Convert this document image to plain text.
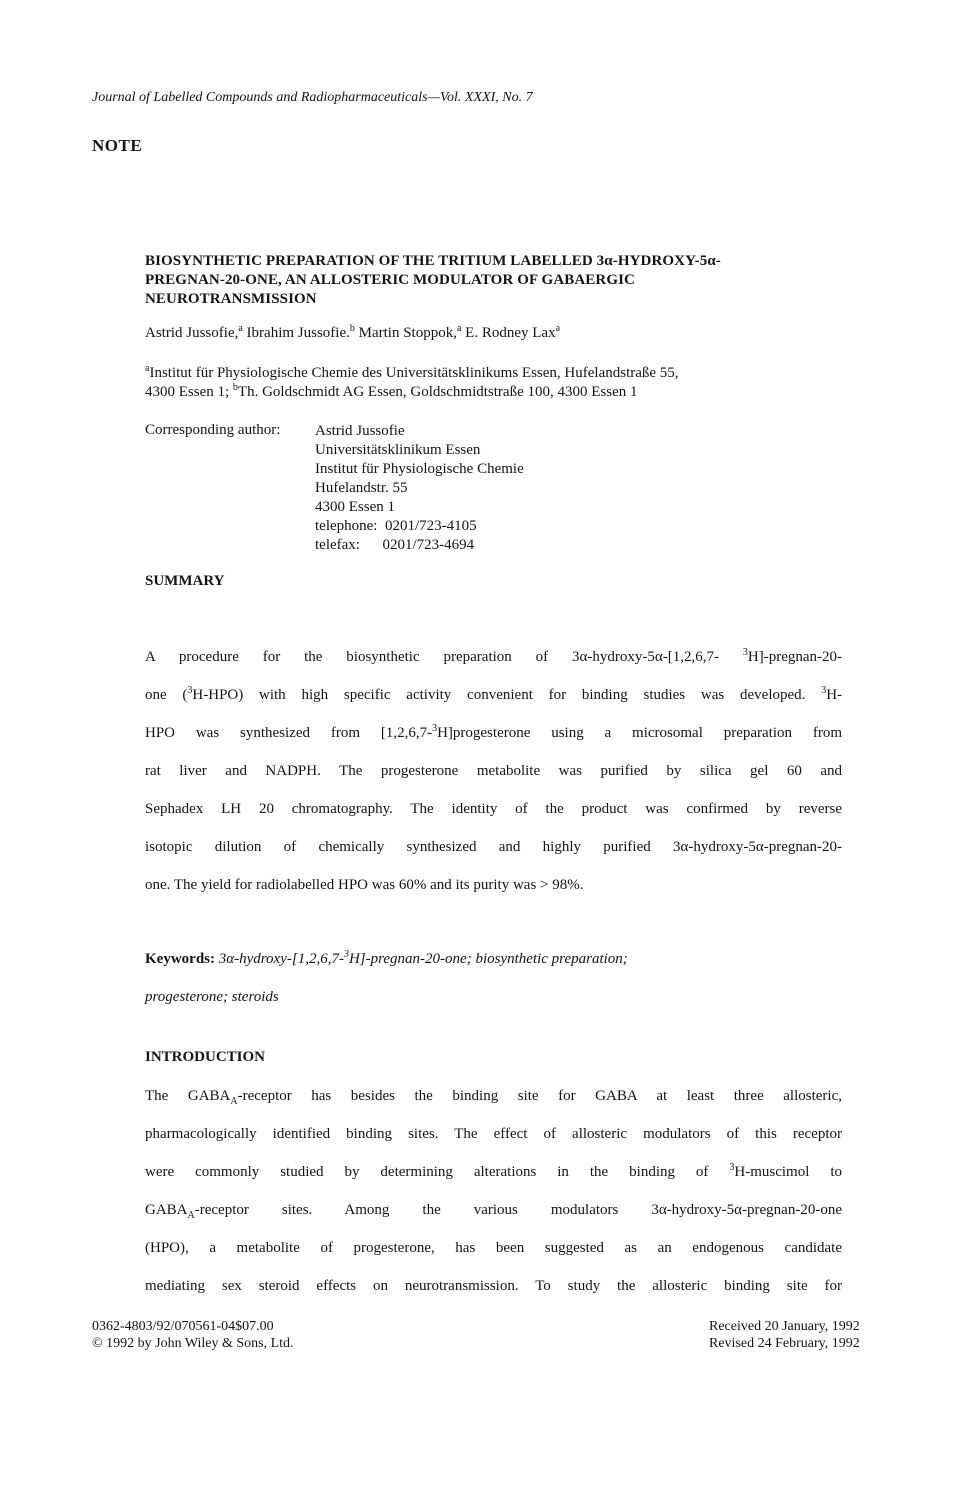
Journal of Labelled Compounds and Radiopharmaceuticals—Vol. XXXI, No. 7
NOTE
BIOSYNTHETIC PREPARATION OF THE TRITIUM LABELLED 3α-HYDROXY-5α-
PREGNAN-20-ONE, AN ALLOSTERIC MODULATOR OF GABAERGIC
NEUROTRANSMISSION
Astrid Jussofie,$^a$ Ibrahim Jussofie.$^b$ Martin Stoppok,$^a$ E. Rodney Lax$^a$
$^a$Institut für Physiologische Chemie des Universitätsklinikums Essen, Hufelandstraße 55,
4300 Essen 1; $^b$Th. Goldschmidt AG Essen, Goldschmidtstraße 100, 4300 Essen 1
Corresponding author: Astrid Jussofie
Universitätsklinikum Essen
Institut für Physiologische Chemie
Hufelandstr. 55
4300 Essen 1
telephone:  0201/723-4105
telefax:      0201/723-4694
SUMMARY
A procedure for the biosynthetic preparation of 3α-hydroxy-5α-[1,2,6,7- $^3$H]-pregnan-20-
one ($^3$H-HPO) with high specific activity convenient for binding studies was developed. $^3$H-
HPO was synthesized from [1,2,6,7-$^3$H]progesterone using a microsomal preparation from
rat liver and NADPH. The progesterone metabolite was purified by silica gel 60 and
Sephadex LH 20 chromatography. The identity of the product was confirmed by reverse
isotopic dilution of chemically synthesized and highly purified 3α-hydroxy-5α-pregnan-20-
one. The yield for radiolabelled HPO was 60% and its purity was > 98%.
Keywords: 3α-hydroxy-[1,2,6,7-$^3$H]-pregnan-20-one; biosynthetic preparation;
progesterone; steroids
INTRODUCTION
The $GABA_A$-receptor has besides the binding site for GABA at least three allosteric,
pharmacologically identified binding sites. The effect of allosteric modulators of this receptor
were commonly studied by determining alterations in the binding of $^3$H-muscimol to
$GABA_A$-receptor sites. Among the various modulators 3α-hydroxy-5α-pregnan-20-one
(HPO), a metabolite of progesterone, has been suggested as an endogenous candidate
mediating sex steroid effects on neurotransmission. To study the allosteric binding site for
0362-4803/92/070561-04$07.00
© 1992 by John Wiley & Sons, Ltd.
Received 20 January, 1992
Revised 24 February, 1992
